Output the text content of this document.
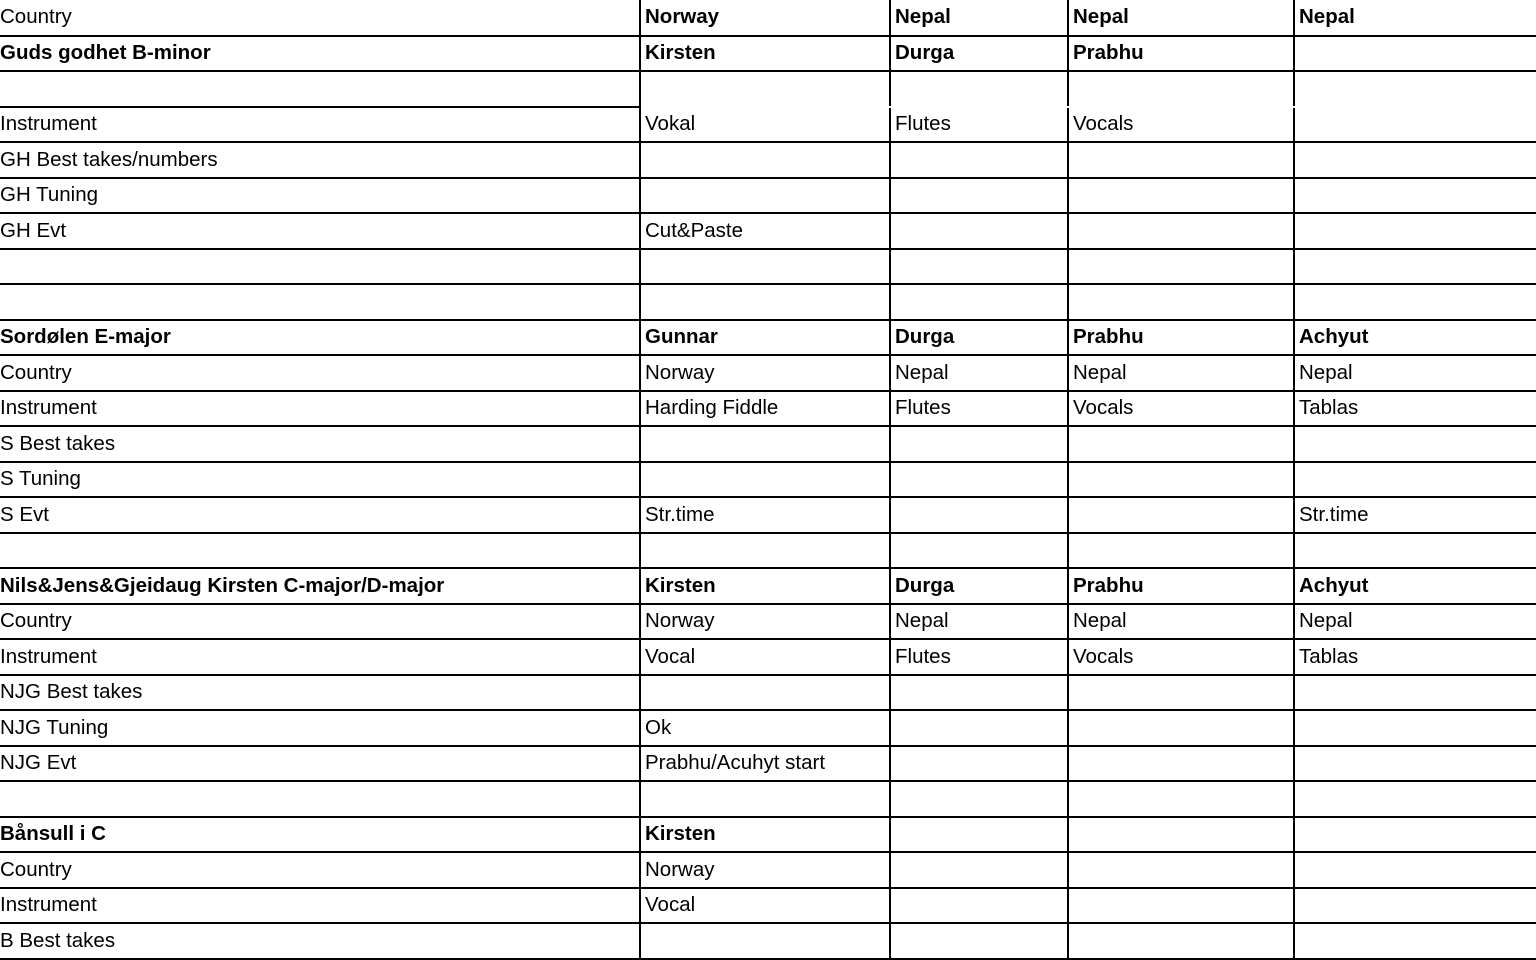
Country	Norway	Nepal	Nepal	Nepal
Guds godhet B-minor	Kirsten	Durga	Prabhu	

Instrument	Vokal	Flutes	Vocals	
GH Best takes/numbers				
GH Tuning				
GH Evt	Cut&Paste			

Sordølen E-major	Gunnar	Durga	Prabhu	Achyut
Country	Norway	Nepal	Nepal	Nepal
Instrument	Harding Fiddle	Flutes	Vocals	Tablas
S Best takes				
S Tuning				
S Evt	Str.time			Str.time

Nils&Jens&Gjeidaug Kirsten C-major/D-major	Kirsten	Durga	Prabhu	Achyut
Country	Norway	Nepal	Nepal	Nepal
Instrument	Vocal	Flutes	Vocals	Tablas
NJG Best takes				
NJG Tuning	Ok			
NJG Evt	Prabhu/Acuhyt start			

Bånsull i C	Kirsten			
Country	Norway			
Instrument	Vocal			
B Best takes				
